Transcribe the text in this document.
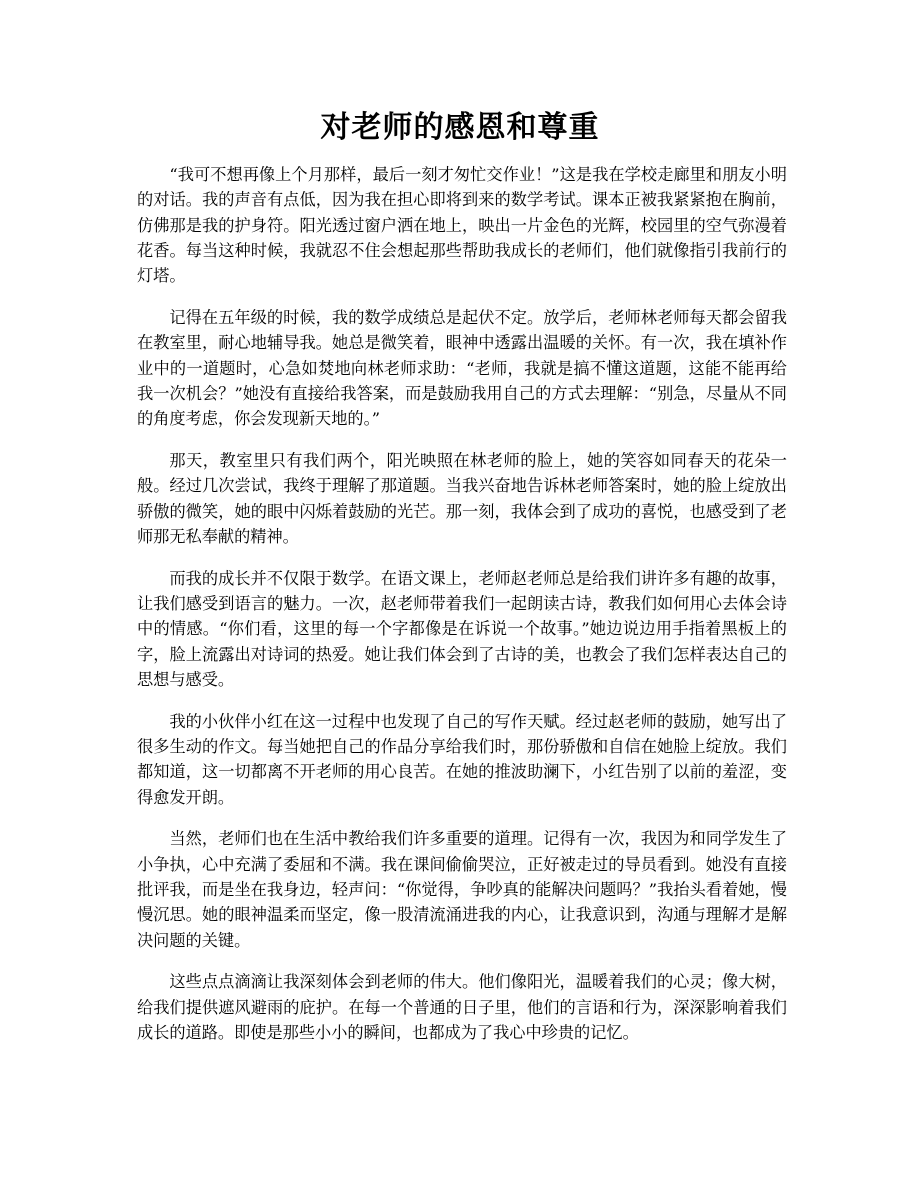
对老师的感恩和尊重

“我可不想再像上个月那样，最后一刻才匆忙交作业！”这是我在学校走廊里和朋友小明的对话。我的声音有点低，因为我在担心即将到来的数学考试。课本正被我紧紧抱在胸前，仿佛那是我的护身符。阳光透过窗户洒在地上，映出一片金色的光辉，校园里的空气弥漫着花香。每当这种时候，我就忍不住会想起那些帮助我成长的老师们，他们就像指引我前行的灯塔。

记得在五年级的时候，我的数学成绩总是起伏不定。放学后，老师林老师每天都会留我在教室里，耐心地辅导我。她总是微笑着，眼神中透露出温暖的关怀。有一次，我在填补作业中的一道题时，心急如焚地向林老师求助：“老师，我就是搞不懂这道题，这能不能再给我一次机会？”她没有直接给我答案，而是鼓励我用自己的方式去理解：“别急，尽量从不同的角度考虑，你会发现新天地的。”

那天，教室里只有我们两个，阳光映照在林老师的脸上，她的笑容如同春天的花朵一般。经过几次尝试，我终于理解了那道题。当我兴奋地告诉林老师答案时，她的脸上绽放出骄傲的微笑，她的眼中闪烁着鼓励的光芒。那一刻，我体会到了成功的喜悦，也感受到了老师那无私奉献的精神。

而我的成长并不仅限于数学。在语文课上，老师赵老师总是给我们讲许多有趣的故事，让我们感受到语言的魅力。一次，赵老师带着我们一起朗读古诗，教我们如何用心去体会诗中的情感。“你们看，这里的每一个字都像是在诉说一个故事。”她边说边用手指着黑板上的字，脸上流露出对诗词的热爱。她让我们体会到了古诗的美，也教会了我们怎样表达自己的思想与感受。

我的小伙伴小红在这一过程中也发现了自己的写作天赋。经过赵老师的鼓励，她写出了很多生动的作文。每当她把自己的作品分享给我们时，那份骄傲和自信在她脸上绽放。我们都知道，这一切都离不开老师的用心良苦。在她的推波助澜下，小红告别了以前的羞涩，变得愈发开朗。

当然，老师们也在生活中教给我们许多重要的道理。记得有一次，我因为和同学发生了小争执，心中充满了委屈和不满。我在课间偷偷哭泣，正好被走过的导员看到。她没有直接批评我，而是坐在我身边，轻声问：“你觉得，争吵真的能解决问题吗？”我抬头看着她，慢慢沉思。她的眼神温柔而坚定，像一股清流涌进我的内心，让我意识到，沟通与理解才是解决问题的关键。

这些点点滴滴让我深刻体会到老师的伟大。他们像阳光，温暖着我们的心灵；像大树，给我们提供遮风避雨的庇护。在每一个普通的日子里，他们的言语和行为，深深影响着我们成长的道路。即使是那些小小的瞬间，也都成为了我心中珍贵的记忆。
